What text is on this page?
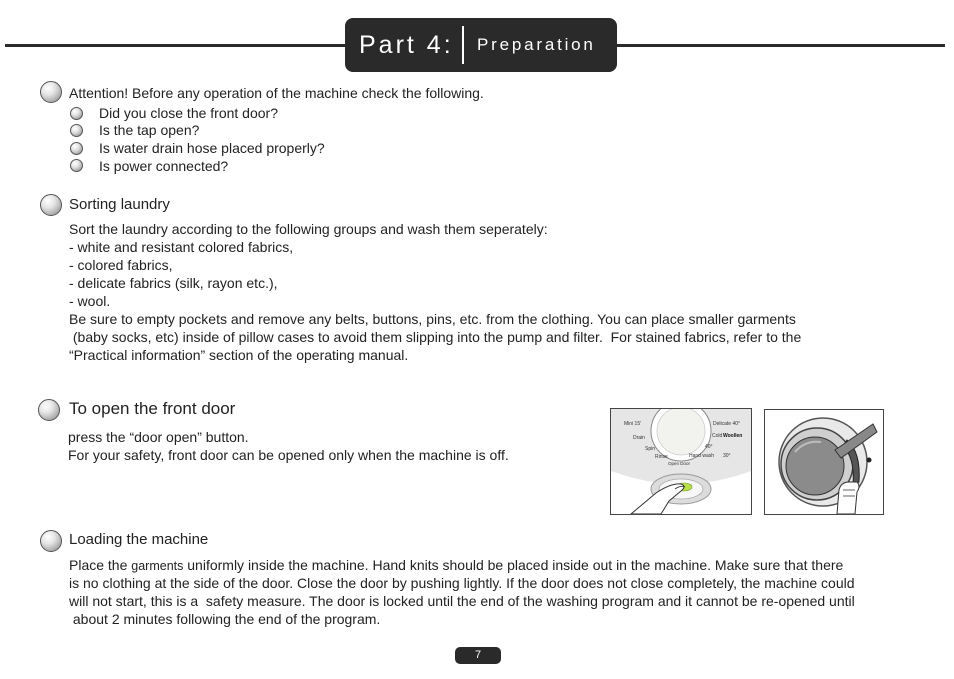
Part 4:	Preparation
Attention! Before any operation of the machine check the following.
Did you close the front door?
Is the tap open?
Is water drain hose placed properly?
Is power connected?
Sorting laundry
Sort the laundry according to the following groups and wash them seperately:
- white and resistant colored fabrics,
- colored fabrics,
- delicate fabrics (silk, rayon etc.),
- wool.
Be sure to empty pockets and remove any belts, buttons, pins, etc. from the clothing. You can place smaller garments
(baby socks, etc) inside of pillow cases to avoid them slipping into the pump and filter.  For stained fabrics, refer to the
“Practical information” section of the operating manual.
To open the front door
press the “door open” button.
For your safety, front door can be opened only when the machine is off.
Mini 15'
Drain
Spin
Rinse
Delicate 40°
Cold Woollen
40°
Hand wash 30°
Open Door
Loading the machine
Place the garments uniformly inside the machine. Hand knits should be placed inside out in the machine. Make sure that there
is no clothing at the side of the door. Close the door by pushing lightly. If the door does not close completely, the machine could
will not start, this is a  safety measure. The door is locked until the end of the washing program and it cannot be re-opened until
about 2 minutes following the end of the program.
7
